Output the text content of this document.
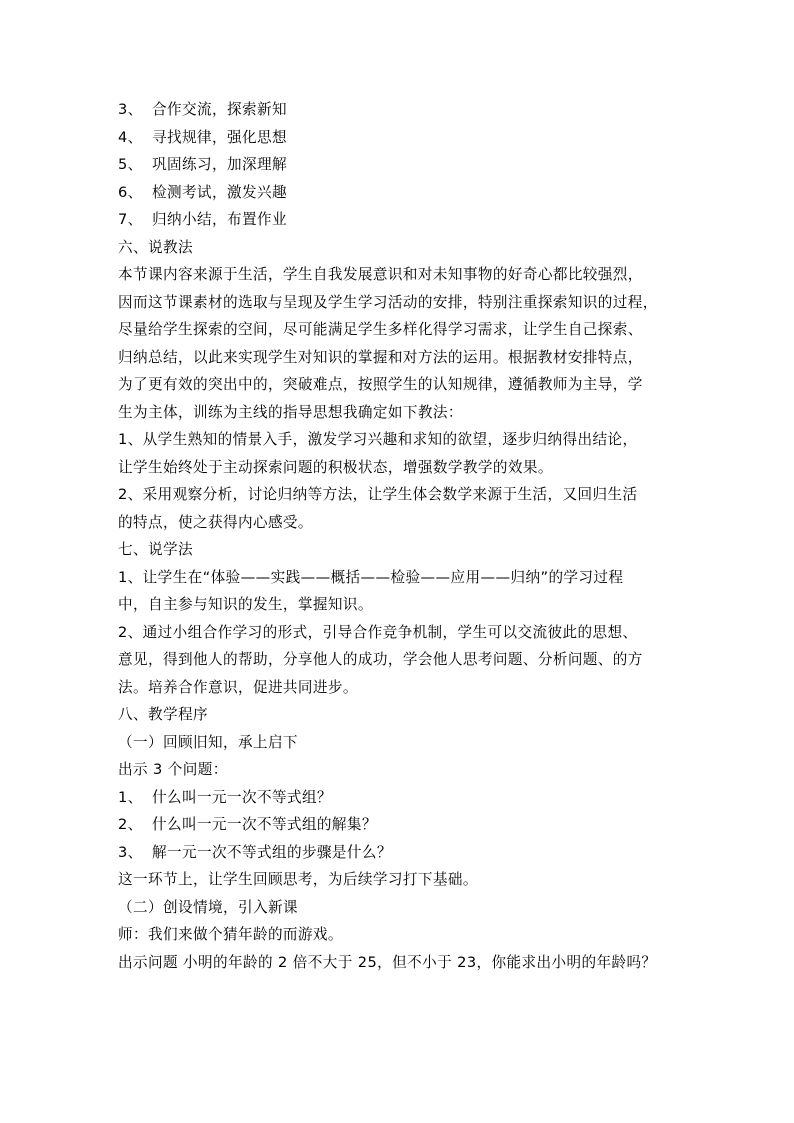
3、 合作交流，探索新知
4、 寻找规律，强化思想
5、 巩固练习，加深理解
6、 检测考试，激发兴趣
7、 归纳小结，布置作业
六、说教法
本节课内容来源于生活，学生自我发展意识和对未知事物的好奇心都比较强烈，
因而这节课素材的选取与呈现及学生学习活动的安排，特别注重探索知识的过程，
尽量给学生探索的空间，尽可能满足学生多样化得学习需求，让学生自己探索、
归纳总结，以此来实现学生对知识的掌握和对方法的运用。根据教材安排特点，
为了更有效的突出中的，突破难点，按照学生的认知规律，遵循教师为主导，学
生为主体，训练为主线的指导思想我确定如下教法：
1、从学生熟知的情景入手，激发学习兴趣和求知的欲望，逐步归纳得出结论，
让学生始终处于主动探索问题的积极状态，增强数学教学的效果。
2、采用观察分析，讨论归纳等方法，让学生体会数学来源于生活，又回归生活
的特点，使之获得内心感受。
七、说学法
1、让学生在“体验——实践——概括——检验——应用——归纳”的学习过程
中，自主参与知识的发生，掌握知识。
2、通过小组合作学习的形式，引导合作竞争机制，学生可以交流彼此的思想、
意见，得到他人的帮助，分享他人的成功，学会他人思考问题、分析问题、的方
法。培养合作意识，促进共同进步。
八、教学程序
（一）回顾旧知，承上启下
出示 3 个问题：
1、 什么叫一元一次不等式组？
2、 什么叫一元一次不等式组的解集？
3、 解一元一次不等式组的步骤是什么？
这一环节上，让学生回顾思考，为后续学习打下基础。
（二）创设情境，引入新课
师：我们来做个猜年龄的而游戏。
出示问题 小明的年龄的 2 倍不大于 25，但不小于 23，你能求出小明的年龄吗？
